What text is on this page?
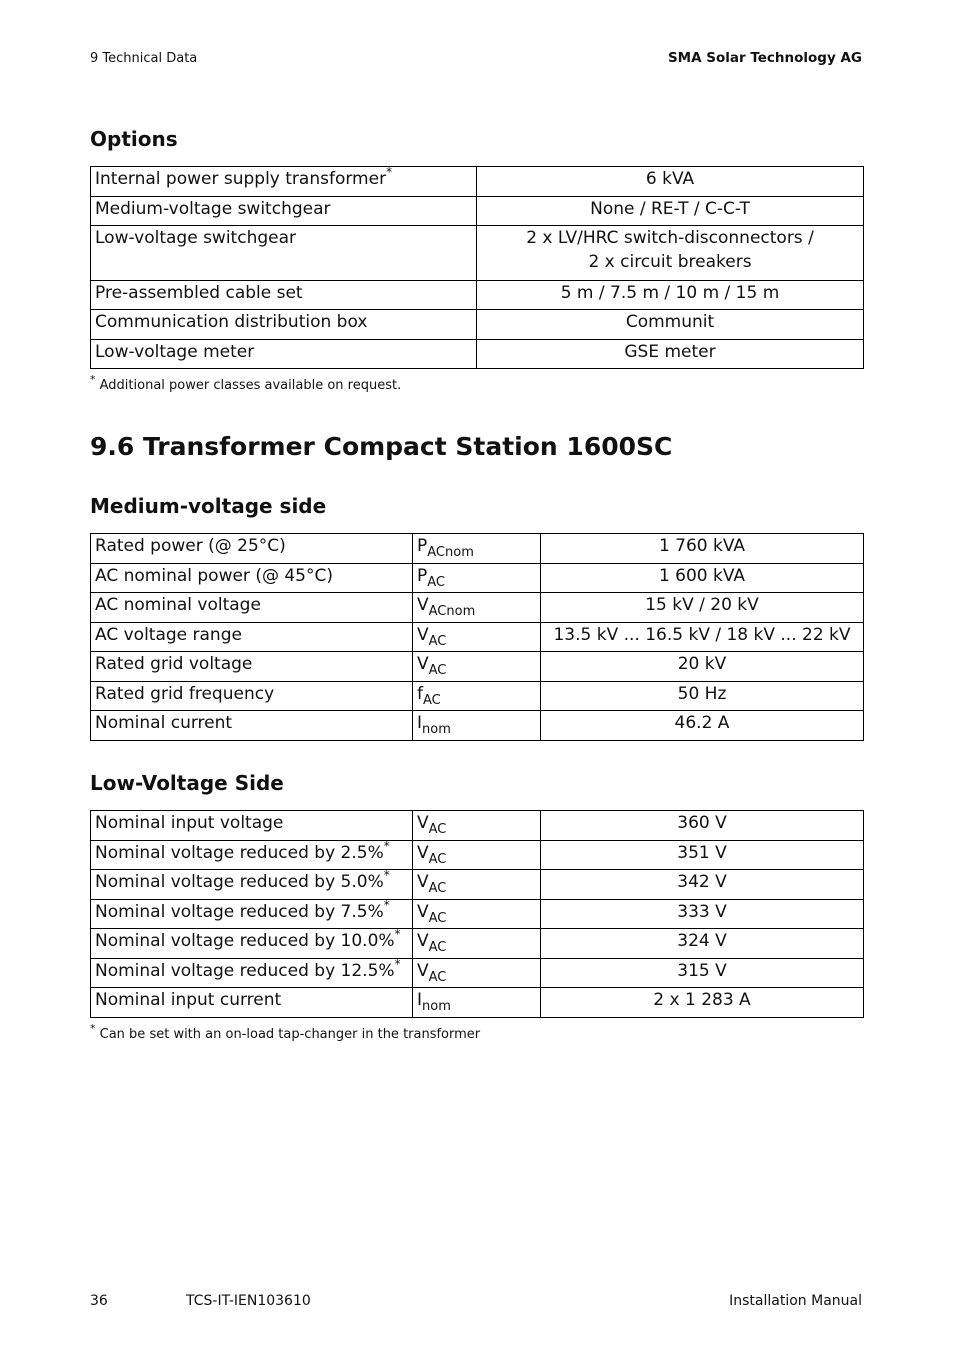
9 Technical Data	SMA Solar Technology AG
Options
Internal power supply transformer*	6 kVA
Medium-voltage switchgear	None / RE-T / C-C-T
Low-voltage switchgear	2 x LV/HRC switch-disconnectors /
2 x circuit breakers

Pre-assembled cable set	5 m / 7.5 m / 10 m / 15 m
Communication distribution box	Communit
Low-voltage meter	GSE meter
* Additional power classes available on request.
9.6 Transformer Compact Station 1600SC
Medium-voltage side
Rated power (@ 25°C)	$P_{ACnom}$	1 760 kVA
AC nominal power (@ 45°C)	$P_{AC}$	1 600 kVA
AC nominal voltage	$V_{ACnom}$	15 kV / 20 kV
AC voltage range	$V_{AC}$	13.5 kV ... 16.5 kV / 18 kV ... 22 kV
Rated grid voltage	$V_{AC}$	20 kV
Rated grid frequency	$f_{AC}$	50 Hz
Nominal current	$I_{nom}$	46.2 A
Low-Voltage Side
Nominal input voltage	$V_{AC}$	360 V
Nominal voltage reduced by 2.5%*	$V_{AC}$	351 V
Nominal voltage reduced by 5.0%*	$V_{AC}$	342 V
Nominal voltage reduced by 7.5%*	$V_{AC}$	333 V
Nominal voltage reduced by 10.0%*	$V_{AC}$	324 V
Nominal voltage reduced by 12.5%*	$V_{AC}$	315 V
Nominal input current	$I_{nom}$	2 x 1 283 A
* Can be set with an on-load tap-changer in the transformer
36	TCS-IT-IEN103610	Installation Manual
